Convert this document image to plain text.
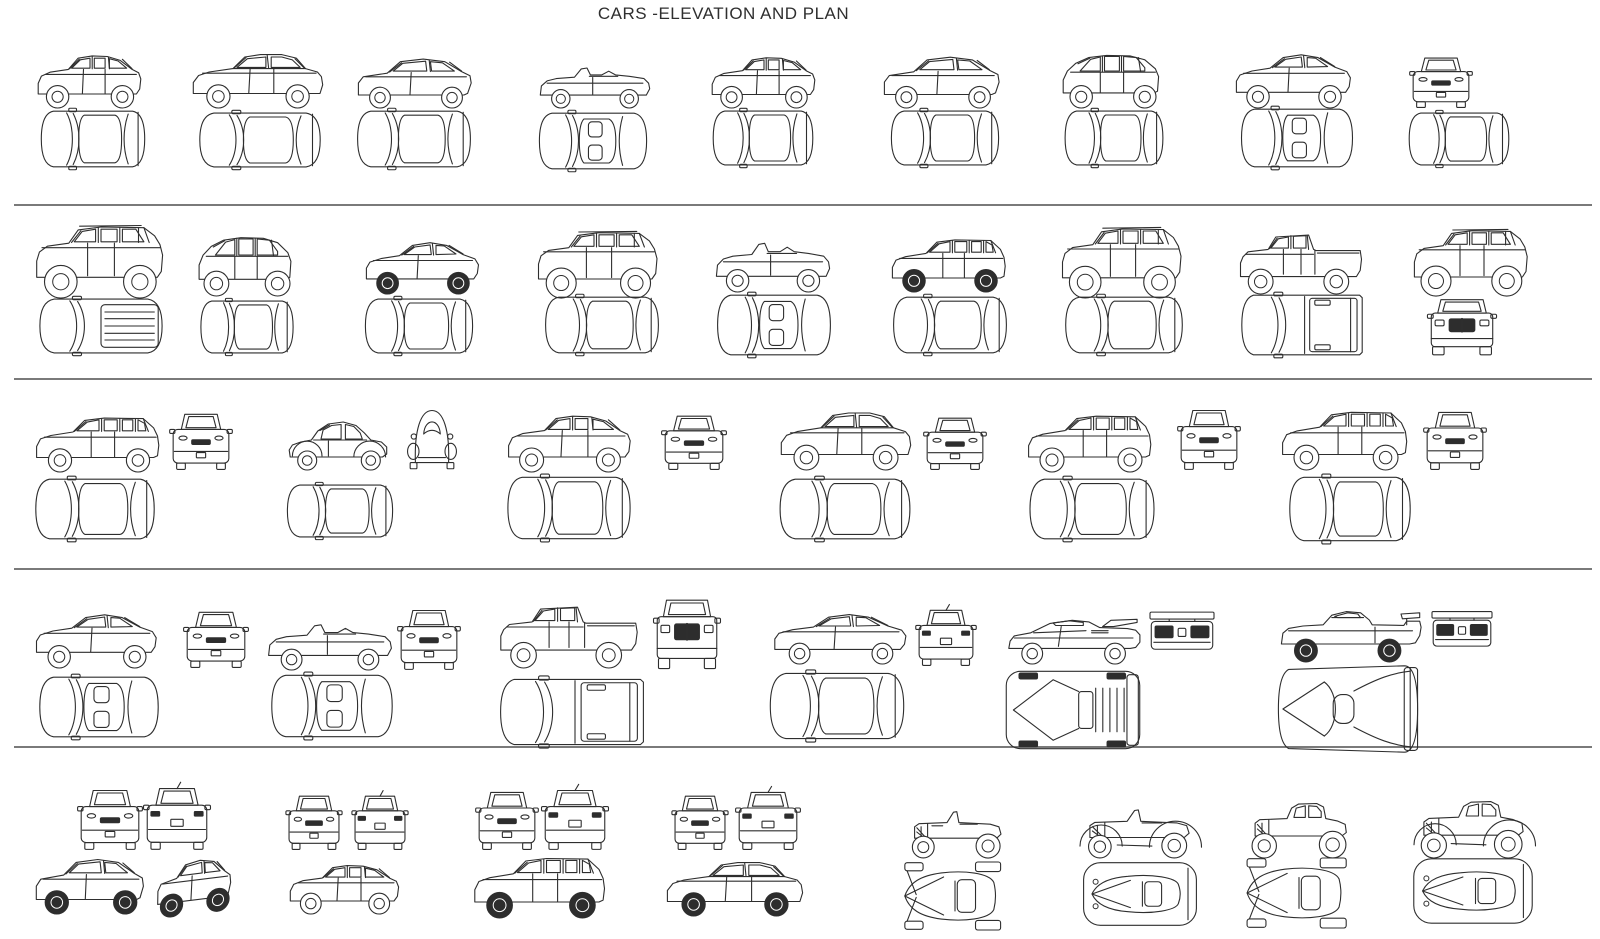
CARS -ELEVATION AND PLAN
